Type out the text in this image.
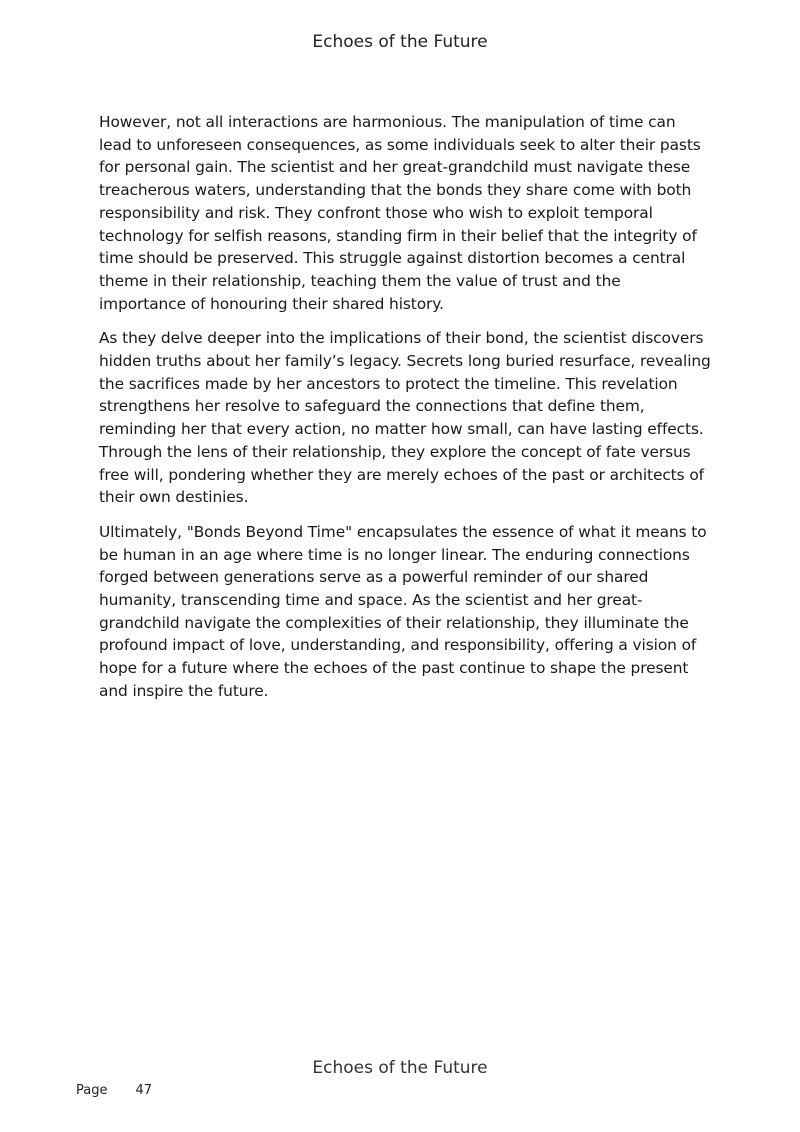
Echoes of the Future

However, not all interactions are harmonious. The manipulation of time can lead to unforeseen consequences, as some individuals seek to alter their pasts for personal gain. The scientist and her great-grandchild must navigate these treacherous waters, understanding that the bonds they share come with both responsibility and risk. They confront those who wish to exploit temporal technology for selfish reasons, standing firm in their belief that the integrity of time should be preserved. This struggle against distortion becomes a central theme in their relationship, teaching them the value of trust and the importance of honouring their shared history.

As they delve deeper into the implications of their bond, the scientist discovers hidden truths about her family’s legacy. Secrets long buried resurface, revealing the sacrifices made by her ancestors to protect the timeline. This revelation strengthens her resolve to safeguard the connections that define them, reminding her that every action, no matter how small, can have lasting effects. Through the lens of their relationship, they explore the concept of fate versus free will, pondering whether they are merely echoes of the past or architects of their own destinies.

Ultimately, "Bonds Beyond Time" encapsulates the essence of what it means to be human in an age where time is no longer linear. The enduring connections forged between generations serve as a powerful reminder of our shared humanity, transcending time and space. As the scientist and her great-grandchild navigate the complexities of their relationship, they illuminate the profound impact of love, understanding, and responsibility, offering a vision of hope for a future where the echoes of the past continue to shape the present and inspire the future.

Echoes of the Future
Page 47
